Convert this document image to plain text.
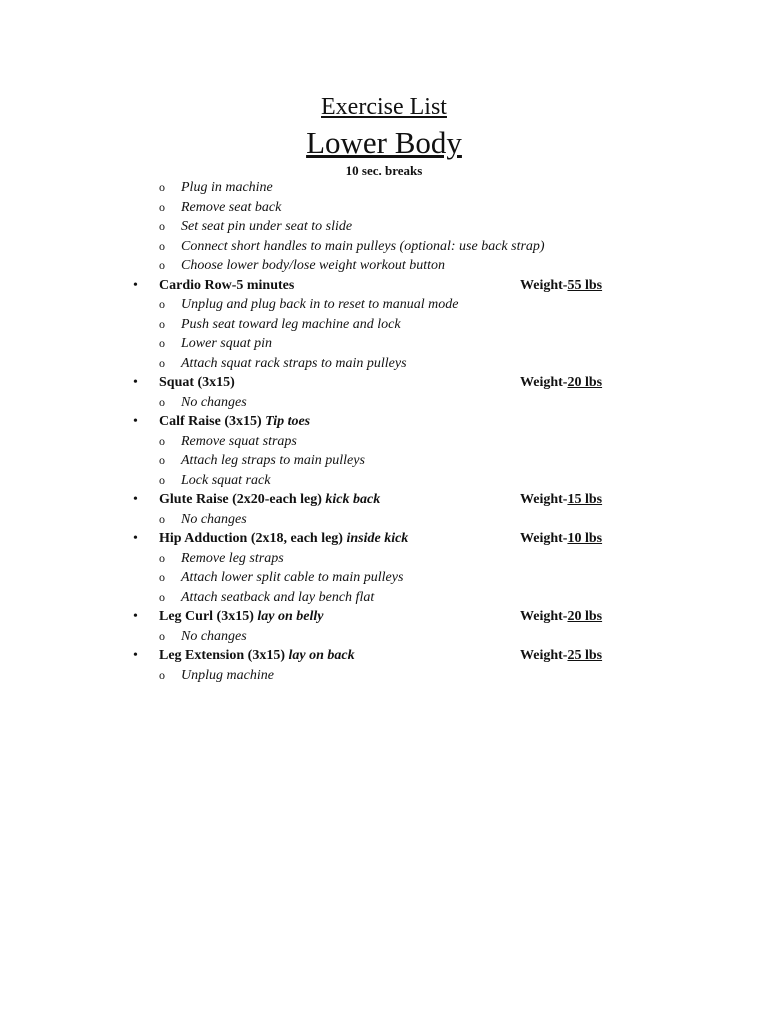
Exercise List
Lower Body
10 sec. breaks
o Plug in machine
o Remove seat back
o Set seat pin under seat to slide
o Connect short handles to main pulleys (optional: use back strap)
o Choose lower body/lose weight workout button
• Cardio Row-5 minutes	Weight-55 lbs
o Unplug and plug back in to reset to manual mode
o Push seat toward leg machine and lock
o Lower squat pin
o Attach squat rack straps to main pulleys
• Squat (3x15)	Weight-20 lbs
o No changes
• Calf Raise (3x15) Tip toes
o Remove squat straps
o Attach leg straps to main pulleys
o Lock squat rack
• Glute Raise (2x20-each leg) kick back	Weight-15 lbs
o No changes
• Hip Adduction (2x18, each leg) inside kick	Weight-10 lbs
o Remove leg straps
o Attach lower split cable to main pulleys
o Attach seatback and lay bench flat
• Leg Curl (3x15) lay on belly	Weight-20 lbs
o No changes
• Leg Extension (3x15) lay on back	Weight-25 lbs
o Unplug machine
